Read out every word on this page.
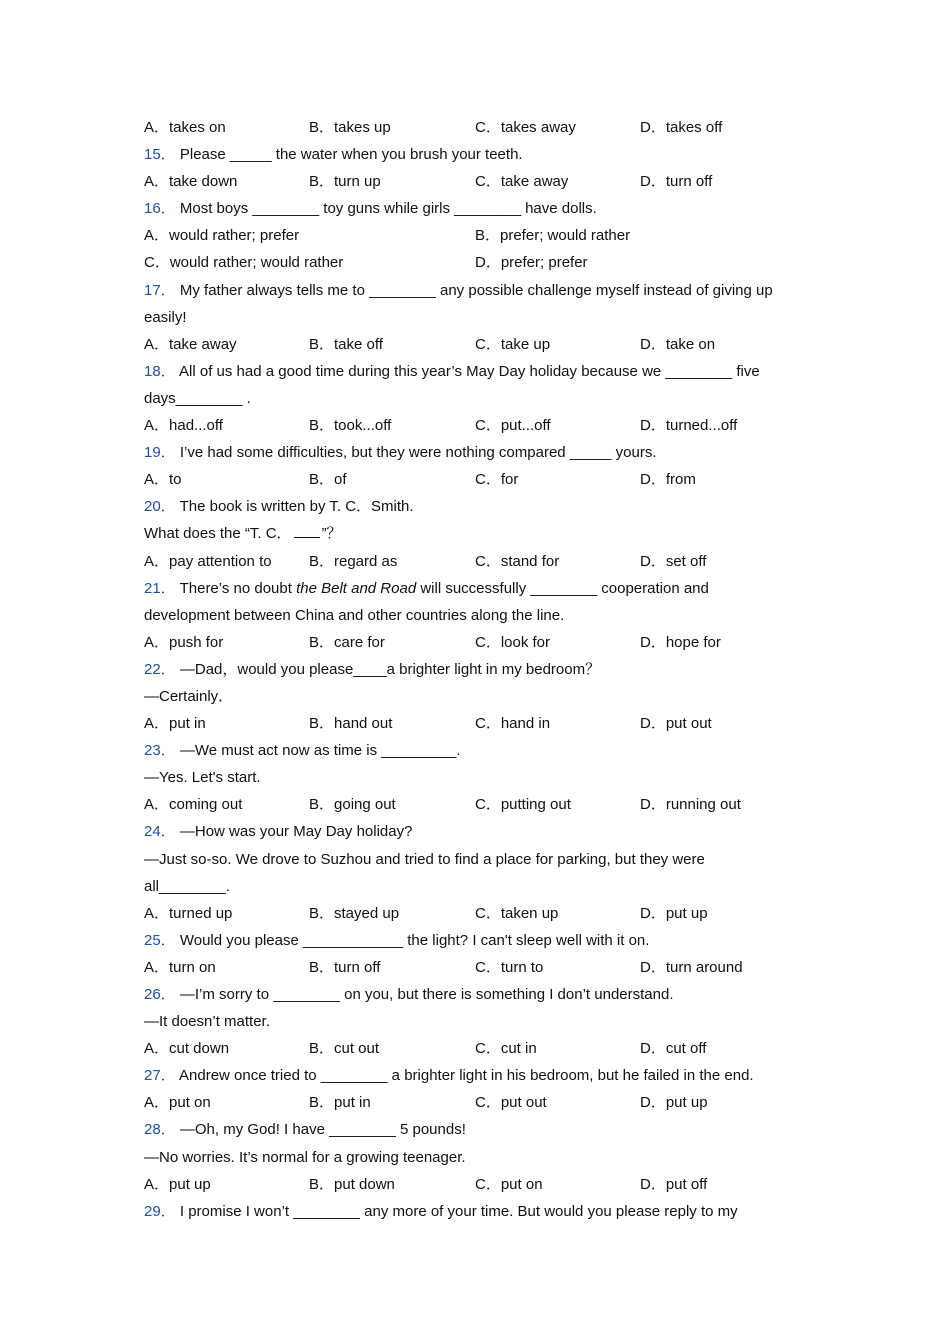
A．takes on	B．takes up	C．takes away	D．takes off
15． Please _____ the water when you brush your teeth.
A．take down	B．turn up	C．take away	D．turn off
16． Most boys ________ toy guns while girls ________ have dolls.
A．would rather; prefer	B．prefer; would rather
C．would rather; would rather	D．prefer; prefer
17． My father always tells me to ________ any possible challenge myself instead of giving up
easily!
A．take away	B．take off	C．take up	D．take on
18． All of us had a good time during this year’s May Day holiday because we ________ five
days________ .
A．had...off	B．took...off	C．put...off	D．turned...off
19． I’ve had some difficulties, but they were nothing compared _____ yours.
A．to	B．of	C．for	D．from
20． The book is written by T. C．Smith.
What does the “T. C． ”？
A．pay attention to B．regard as	C．stand for	D．set off
21． There’s no doubt the Belt and Road will successfully ________ cooperation and
development between China and other countries along the line.
A．push for	B．care for	C．look for	D．hope for
22． —Dad，would you please____a brighter light in my bedroom？
—Certainly．
A．put in	B．hand out	C．hand in	D．put out
23． —We must act now as time is _________.
—Yes. Let's start.
A．coming out	B．going out	C．putting out	D．running out
24． —How was your May Day holiday?
—Just so-so. We drove to Suzhou and tried to find a place for parking, but they were
all________.
A．turned up	B．stayed up	C．taken up	D．put up
25． Would you please ____________ the light? I can't sleep well with it on.
A．turn on	B．turn off	C．turn to	D．turn around
26． —I’m sorry to ________ on you, but there is something I don’t understand.
—It doesn’t matter.
A．cut down	B．cut out	C．cut in	D．cut off
27． Andrew once tried to ________ a brighter light in his bedroom, but he failed in the end.
A．put on	B．put in	C．put out	D．put up
28． —Oh, my God! I have ________ 5 pounds!
—No worries. It’s normal for a growing teenager.
A．put up	B．put down	C．put on	D．put off
29． I promise I won’t ________ any more of your time. But would you please reply to my
